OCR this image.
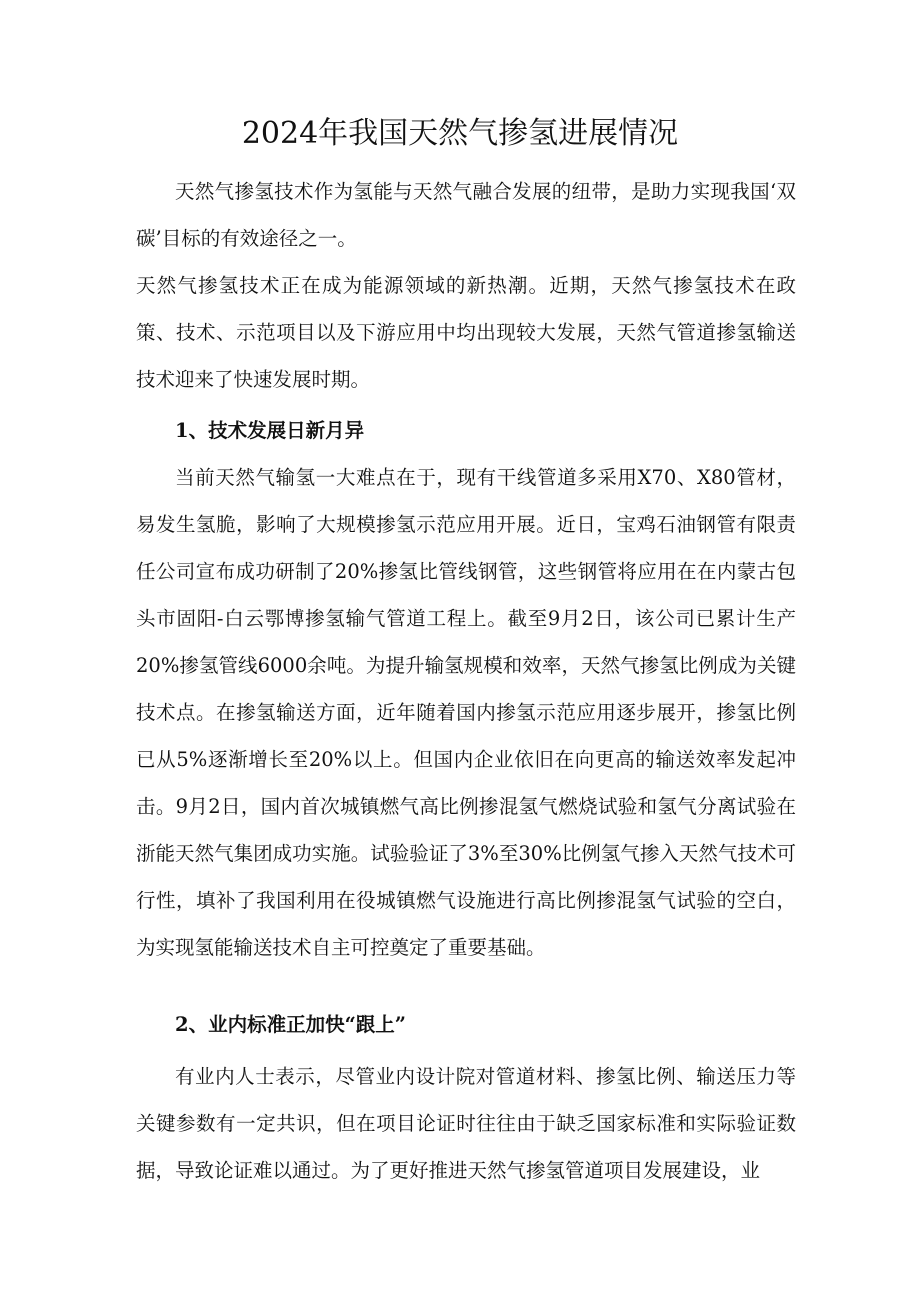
2024年我国天然气掺氢进展情况

天然气掺氢技术作为氢能与天然气融合发展的纽带，是助力实现我国‘双碳’目标的有效途径之一。

天然气掺氢技术正在成为能源领域的新热潮。近期，天然气掺氢技术在政策、技术、示范项目以及下游应用中均出现较大发展，天然气管道掺氢输送技术迎来了快速发展时期。

1、技术发展日新月异

当前天然气输氢一大难点在于，现有干线管道多采用X70、X80管材，易发生氢脆，影响了大规模掺氢示范应用开展。近日，宝鸡石油钢管有限责任公司宣布成功研制了20%掺氢比管线钢管，这些钢管将应用在在内蒙古包头市固阳-白云鄂博掺氢输气管道工程上。截至9月2日，该公司已累计生产20%掺氢管线6000余吨。为提升输氢规模和效率，天然气掺氢比例成为关键技术点。在掺氢输送方面，近年随着国内掺氢示范应用逐步展开，掺氢比例已从5%逐渐增长至20%以上。但国内企业依旧在向更高的输送效率发起冲击。9月2日，国内首次城镇燃气高比例掺混氢气燃烧试验和氢气分离试验在浙能天然气集团成功实施。试验验证了3%至30%比例氢气掺入天然气技术可行性，填补了我国利用在役城镇燃气设施进行高比例掺混氢气试验的空白，为实现氢能输送技术自主可控奠定了重要基础。

2、业内标准正加快“跟上”

有业内人士表示，尽管业内设计院对管道材料、掺氢比例、输送压力等关键参数有一定共识，但在项目论证时往往由于缺乏国家标准和实际验证数据，导致论证难以通过。为了更好推进天然气掺氢管道项目发展建设，业
